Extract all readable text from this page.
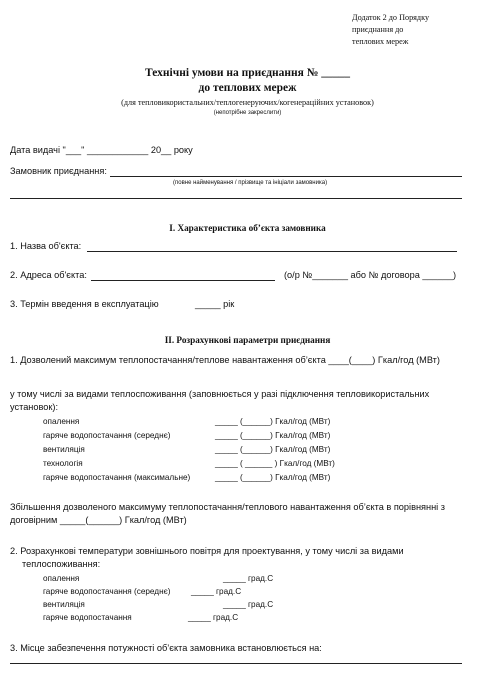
Додаток 2 до Порядку
приєднання до
теплових мереж
Технічні умови на приєднання № _____
до теплових мереж
(для тепловикористальних/теплогенеруючих/когенераційних установок)
(непотрібне закреслити)
Дата видачі "___" ____________ 20__ року
Замовник приєднання:
(повне найменування / прізвище та ініціали замовника)
I. Характеристика об’єкта замовника
1. Назва об'єкта:
2. Адреса об'єкта:	(о/р №_______ або № договора ______)
3. Термін введення в експлуатацію	_____ рік
II. Розрахункові параметри приєднання
1. Дозволений максимум теплопостачання/теплове навантаження об’єкта ____(____) Гкал/год (МВт)
у тому числі за видами теплоспоживання (заповнюється у разі підключення тепловикористальних
установок):
опалення	_____ (______) Гкал/год (МВт)
гаряче водопостачання (середнє)	_____ (______) Гкал/год (МВт)
вентиляція	_____ (______) Гкал/год (МВт)
технологія	_____ ( ______ ) Гкал/год (МВт)
гаряче водопостачання (максимальне)	_____ (______) Гкал/год (МВт)
Збільшення дозволеного максимуму теплопостачання/теплового навантаження об’єкта в порівнянні з
договірним _____(______) Гкал/год (МВт)
2. Розрахункові температури зовнішнього повітря для проектування, у тому числі за видами
теплоспоживання:
опалення	_____ град.С
гаряче водопостачання (середнє)	_____ град.С
вентиляція	_____ град.С
гаряче водопостачання	_____ град.С
3. Місце забезпечення потужності об’єкта замовника встановлюється на:
